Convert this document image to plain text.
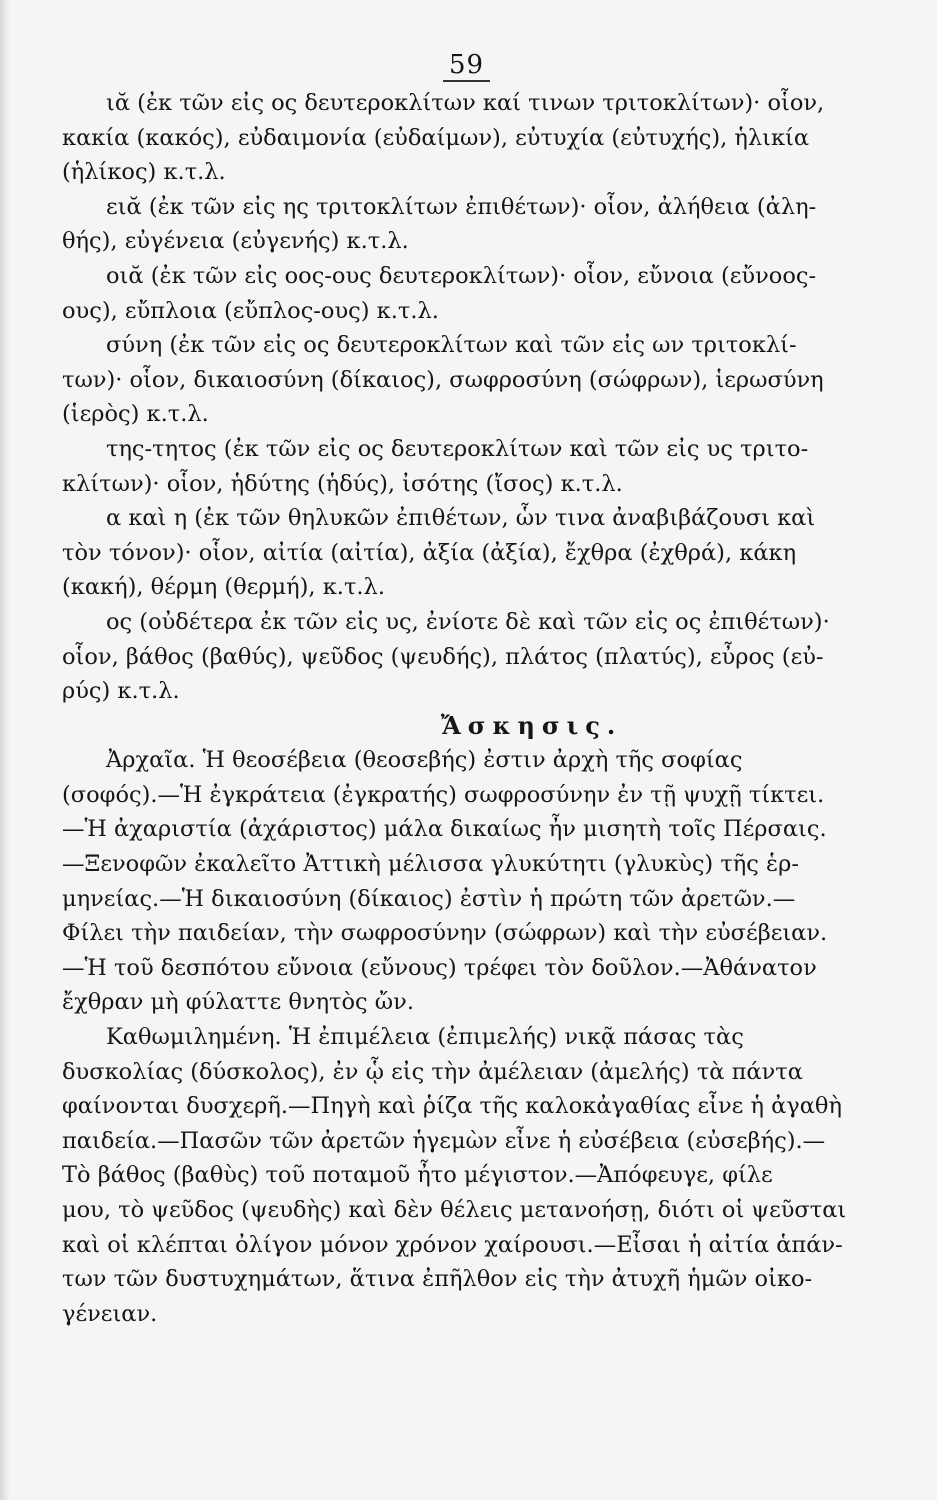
59
ιᾰ (ἐκ τῶν εἰς ος δευτεροκλίτων καί τινων τριτοκλίτων)· οἷον,
κακία (κακός), εὐδαιμονία (εὐδαίμων), εὐτυχία (εὐτυχής), ἡλικία
(ἡλίκος) κ.τ.λ.
ειᾰ (ἐκ τῶν εἰς ης τριτοκλίτων ἐπιθέτων)· οἷον, ἀλήθεια (ἀλη-
θής), εὐγένεια (εὐγενής) κ.τ.λ.
οιᾰ (ἐκ τῶν εἰς οος-ους δευτεροκλίτων)· οἷον, εὔνοια (εὔνοος-
ους), εὔπλοια (εὔπλος-ους) κ.τ.λ.
σύνη (ἐκ τῶν εἰς ος δευτεροκλίτων καὶ τῶν εἰς ων τριτοκλί-
των)· οἷον, δικαιοσύνη (δίκαιος), σωφροσύνη (σώφρων), ἱερωσύνη
(ἱερὸς) κ.τ.λ.
της-τητος (ἐκ τῶν εἰς ος δευτεροκλίτων καὶ τῶν εἰς υς τριτο-
κλίτων)· οἷον, ἡδύτης (ἡδύς), ἰσότης (ἴσος) κ.τ.λ.
α καὶ η (ἐκ τῶν θηλυκῶν ἐπιθέτων, ὧν τινα ἀναβιβάζουσι καὶ
τὸν τόνον)· οἷον, αἰτία (αἰτία), ἀξία (ἀξία), ἔχθρα (ἐχθρά), κάκη
(κακή), θέρμη (θερμή), κ.τ.λ.
ος (οὐδέτερα ἐκ τῶν εἰς υς, ἐνίοτε δὲ καὶ τῶν εἰς ος ἐπιθέτων)·
οἷον, βάθος (βαθύς), ψεῦδος (ψευδής), πλάτος (πλατύς), εὖρος (εὐ-
ρύς) κ.τ.λ.
Ἄσκησις.
Ἀρχαῖα. Ἡ θεοσέβεια (θεοσεβής) ἐστιν ἀρχὴ τῆς σοφίας
(σοφός).—Ἡ ἐγκράτεια (ἐγκρατής) σωφροσύνην ἐν τῇ ψυχῇ τίκτει.
—Ἡ ἀχαριστία (ἀχάριστος) μάλα δικαίως ἦν μισητὴ τοῖς Πέρσαις.
—Ξενοφῶν ἐκαλεῖτο Ἀττικὴ μέλισσα γλυκύτητι (γλυκὺς) τῆς ἑρ-
μηνείας.—Ἡ δικαιοσύνη (δίκαιος) ἐστὶν ἡ πρώτη τῶν ἀρετῶν.—
Φίλει τὴν παιδείαν, τὴν σωφροσύνην (σώφρων) καὶ τὴν εὐσέβειαν.
—Ἡ τοῦ δεσπότου εὔνοια (εὔνους) τρέφει τὸν δοῦλον.—Ἀθάνατον
ἔχθραν μὴ φύλαττε θνητὸς ὤν.
Καθωμιλημένη. Ἡ ἐπιμέλεια (ἐπιμελής) νικᾷ πάσας τὰς
δυσκολίας (δύσκολος), ἐν ᾧ εἰς τὴν ἀμέλειαν (ἀμελής) τὰ πάντα
φαίνονται δυσχερῆ.—Πηγὴ καὶ ῥίζα τῆς καλοκἀγαθίας εἶνε ἡ ἀγαθὴ
παιδεία.—Πασῶν τῶν ἀρετῶν ἡγεμὼν εἶνε ἡ εὐσέβεια (εὐσεβής).—
Τὸ βάθος (βαθὺς) τοῦ ποταμοῦ ἦτο μέγιστον.—Ἀπόφευγε, φίλε
μου, τὸ ψεῦδος (ψευδὴς) καὶ δὲν θέλεις μετανοήσῃ, διότι οἱ ψεῦσται
καὶ οἱ κλέπται ὀλίγον μόνον χρόνον χαίρουσι.—Εἶσαι ἡ αἰτία ἁπάν-
των τῶν δυστυχημάτων, ἅτινα ἐπῆλθον εἰς τὴν ἀτυχῆ ἡμῶν οἰκο-
γένειαν.
